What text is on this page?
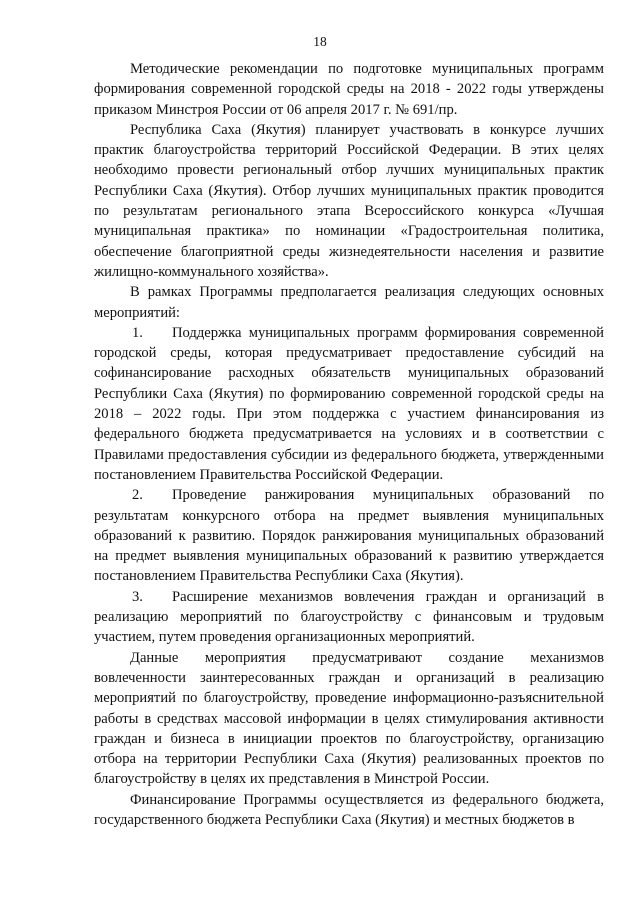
18

Методические рекомендации по подготовке муниципальных программ формирования современной городской среды на 2018 - 2022 годы утверждены приказом Минстроя России от 06 апреля 2017 г. № 691/пр.

Республика Саха (Якутия) планирует участвовать в конкурсе лучших практик благоустройства территорий Российской Федерации. В этих целях необходимо провести региональный отбор лучших муниципальных практик Республики Саха (Якутия). Отбор лучших муниципальных практик проводится по результатам регионального этапа Всероссийского конкурса «Лучшая муниципальная практика» по номинации «Градостроительная политика, обеспечение благоприятной среды жизнедеятельности населения и развитие жилищно-коммунального хозяйства».

В рамках Программы предполагается реализация следующих основных мероприятий:

1. Поддержка муниципальных программ формирования современной городской среды, которая предусматривает предоставление субсидий на софинансирование расходных обязательств муниципальных образований Республики Саха (Якутия) по формированию современной городской среды на 2018 – 2022 годы. При этом поддержка с участием финансирования из федерального бюджета предусматривается на условиях и в соответствии с Правилами предоставления субсидии из федерального бюджета, утвержденными постановлением Правительства Российской Федерации.

2. Проведение ранжирования муниципальных образований по результатам конкурсного отбора на предмет выявления муниципальных образований к развитию. Порядок ранжирования муниципальных образований на предмет выявления муниципальных образований к развитию утверждается постановлением Правительства Республики Саха (Якутия).

3. Расширение механизмов вовлечения граждан и организаций в реализацию мероприятий по благоустройству с финансовым и трудовым участием, путем проведения организационных мероприятий.

Данные мероприятия предусматривают создание механизмов вовлеченности заинтересованных граждан и организаций в реализацию мероприятий по благоустройству, проведение информационно-разъяснительной работы в средствах массовой информации в целях стимулирования активности граждан и бизнеса в инициации проектов по благоустройству, организацию отбора на территории Республики Саха (Якутия) реализованных проектов по благоустройству в целях их представления в Минстрой России.

Финансирование Программы осуществляется из федерального бюджета, государственного бюджета Республики Саха (Якутия) и местных бюджетов в
